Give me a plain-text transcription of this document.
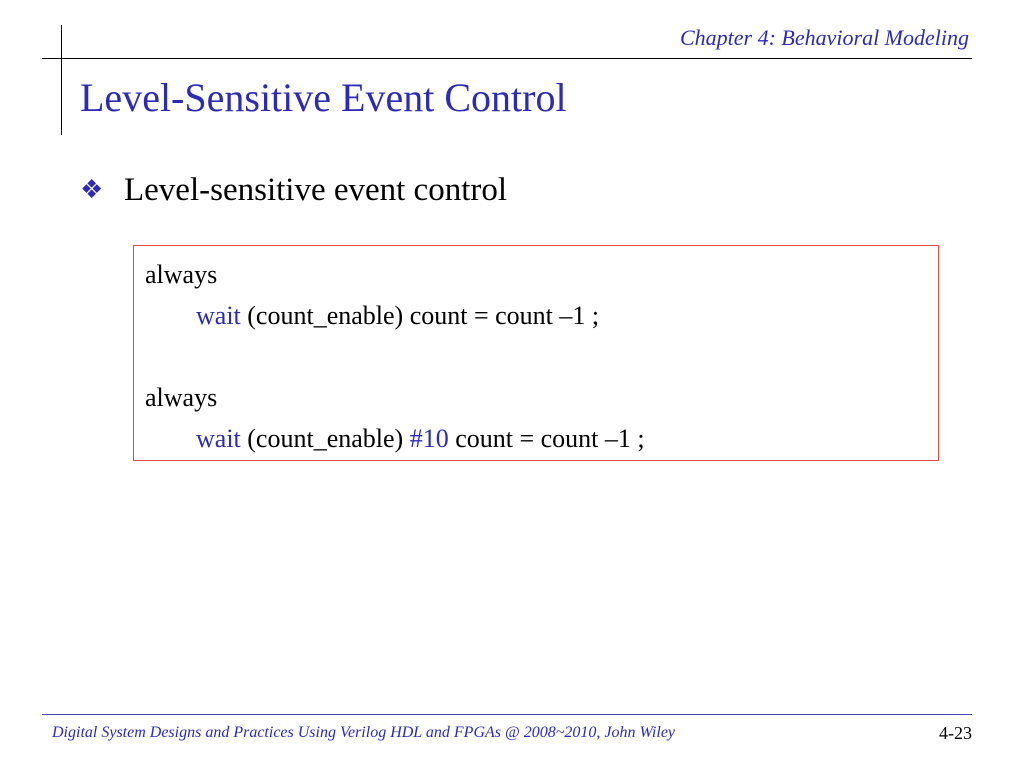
Chapter 4: Behavioral Modeling
Level-Sensitive Event Control
❖ Level-sensitive event control
always
wait (count_enable) count = count –1 ;
always
wait (count_enable) #10 count = count –1 ;
Digital System Designs and Practices Using Verilog HDL and FPGAs @ 2008~2010, John Wiley	4-23
